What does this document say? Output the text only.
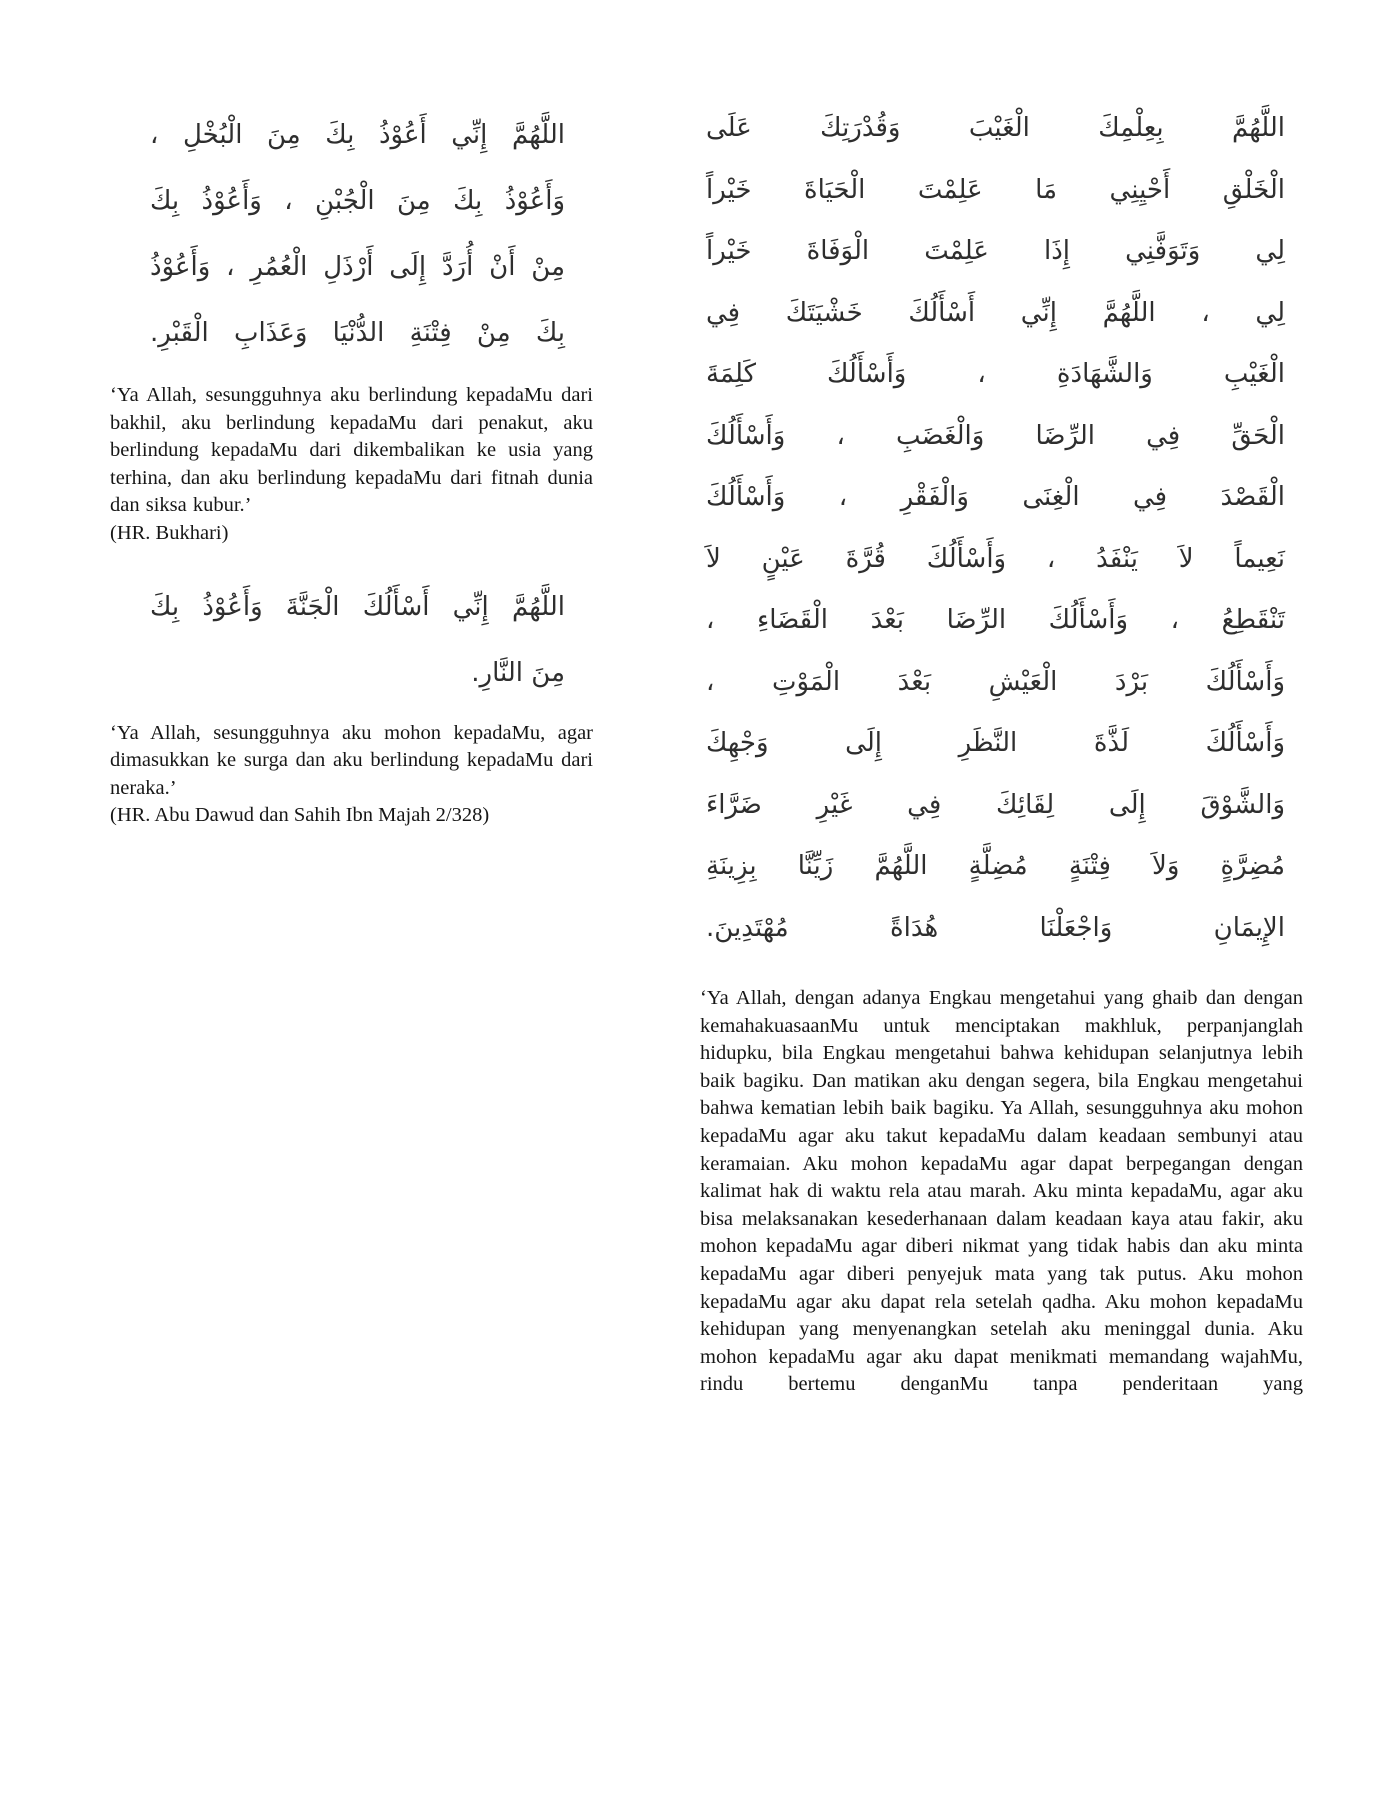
اللَّهُمَّ إِنِّي أَعُوْذُ بِكَ مِنَ الْبُخْلِ ،
وَأَعُوْذُ بِكَ مِنَ الْجُبْنِ ، وَأَعُوْذُ بِكَ
مِنْ أَنْ أُرَدَّ إِلَى أَرْذَلِ الْعُمُرِ ، وَأَعُوْذُ
بِكَ مِنْ فِتْنَةِ الدُّنْيَا وَعَذَابِ الْقَبْرِ.

‘Ya Allah, sesungguhnya aku berlindung kepadaMu dari bakhil, aku berlindung kepadaMu dari penakut, aku berlindung kepadaMu dari dikembalikan ke usia yang terhina, dan aku berlindung kepadaMu dari fitnah dunia dan siksa kubur.’

(HR. Bukhari)

اللَّهُمَّ إِنِّي أَسْأَلُكَ الْجَنَّةَ وَأَعُوْذُ بِكَ
مِنَ النَّارِ.

‘Ya Allah, sesungguhnya aku mohon kepadaMu, agar dimasukkan ke surga dan aku berlindung kepadaMu dari neraka.’

(HR. Abu Dawud dan Sahih Ibn Majah 2/328)

اللَّهُمَّ بِعِلْمِكَ الْغَيْبَ وَقُدْرَتِكَ عَلَى
الْخَلْقِ أَحْيِنِي مَا عَلِمْتَ الْحَيَاةَ خَيْراً
لِي وَتَوَفَّنِي إِذَا عَلِمْتَ الْوَفَاةَ خَيْراً
لِي ، اللَّهُمَّ إِنِّي أَسْأَلُكَ خَشْيَتَكَ فِي
الْغَيْبِ وَالشَّهَادَةِ ، وَأَسْأَلُكَ كَلِمَةَ
الْحَقِّ فِي الرِّضَا وَالْغَضَبِ ، وَأَسْأَلُكَ
الْقَصْدَ فِي الْغِنَى وَالْفَقْرِ ، وَأَسْأَلُكَ
نَعِيماً لاَ يَنْفَدُ ، وَأَسْأَلُكَ قُرَّةَ عَيْنٍ لاَ
تَنْقَطِعُ ، وَأَسْأَلُكَ الرِّضَا بَعْدَ الْقَضَاءِ ،
وَأَسْأَلُكَ بَرْدَ الْعَيْشِ بَعْدَ الْمَوْتِ ،
وَأَسْأَلُكَ لَذَّةَ النَّظَرِ إِلَى وَجْهِكَ
وَالشَّوْقَ إِلَى لِقَائِكَ فِي غَيْرِ ضَرَّاءَ
مُضِرَّةٍ وَلاَ فِتْنَةٍ مُضِلَّةٍ اللَّهُمَّ زَيِّنَّا بِزِينَةِ
الإِيمَانِ وَاجْعَلْنَا هُدَاةً مُهْتَدِينَ.

‘Ya Allah, dengan adanya Engkau mengetahui yang ghaib dan dengan kemahakuasaanMu untuk menciptakan makhluk, perpanjanglah hidupku, bila Engkau mengetahui bahwa kehidupan selanjutnya lebih baik bagiku. Dan matikan aku dengan segera, bila Engkau mengetahui bahwa kematian lebih baik bagiku. Ya Allah, sesungguhnya aku mohon kepadaMu agar aku takut kepadaMu dalam keadaan sembunyi atau keramaian. Aku mohon kepadaMu agar dapat berpegangan dengan kalimat hak di waktu rela atau marah. Aku minta kepadaMu, agar aku bisa melaksanakan kesederhanaan dalam keadaan kaya atau fakir, aku mohon kepadaMu agar diberi nikmat yang tidak habis dan aku minta kepadaMu agar diberi penyejuk mata yang tak putus. Aku mohon kepadaMu agar aku dapat rela setelah qadha. Aku mohon kepadaMu kehidupan yang menyenangkan setelah aku meninggal dunia. Aku mohon kepadaMu agar aku dapat menikmati memandang wajahMu, rindu bertemu denganMu tanpa penderitaan yang
